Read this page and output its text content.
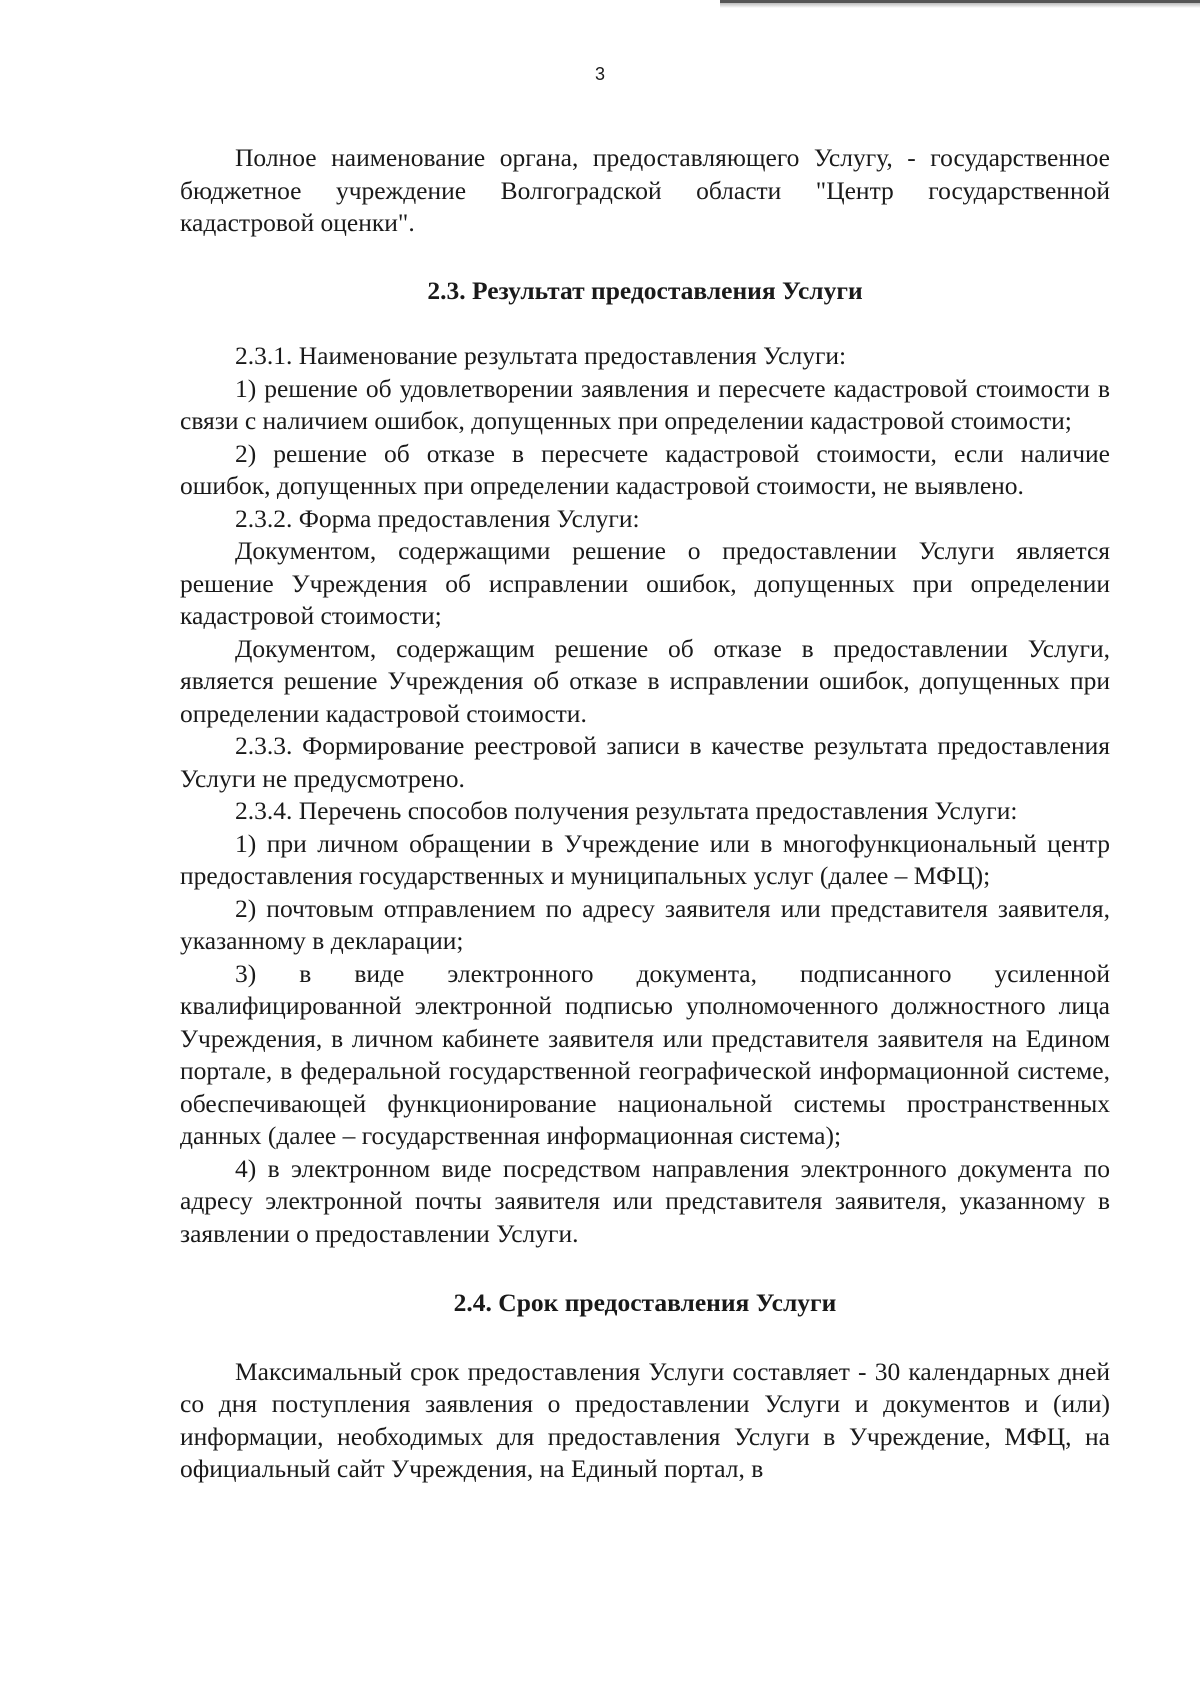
3

Полное наименование органа, предоставляющего Услугу, - государственное бюджетное учреждение Волгоградской области "Центр государственной кадастровой оценки".

2.3. Результат предоставления Услуги

2.3.1. Наименование результата предоставления Услуги:

1) решение об удовлетворении заявления и пересчете кадастровой стоимости в связи с наличием ошибок, допущенных при определении кадастровой стоимости;

2) решение об отказе в пересчете кадастровой стоимости, если наличие ошибок, допущенных при определении кадастровой стоимости, не выявлено.

2.3.2. Форма предоставления Услуги:

Документом, содержащими решение о предоставлении Услуги является решение Учреждения об исправлении ошибок, допущенных при определении кадастровой стоимости;

Документом, содержащим решение об отказе в предоставлении Услуги, является решение Учреждения об отказе в исправлении ошибок, допущенных при определении кадастровой стоимости.

2.3.3. Формирование реестровой записи в качестве результата предоставления Услуги не предусмотрено.

2.3.4. Перечень способов получения результата предоставления Услуги:

1) при личном обращении в Учреждение или в многофункциональный центр предоставления государственных и муниципальных услуг (далее – МФЦ);

2) почтовым отправлением по адресу заявителя или представителя заявителя, указанному в декларации;

3) в виде электронного документа, подписанного усиленной квалифицированной электронной подписью уполномоченного должностного лица Учреждения, в личном кабинете заявителя или представителя заявителя на Едином портале, в федеральной государственной географической информационной системе, обеспечивающей функционирование национальной системы пространственных данных (далее – государственная информационная система);

4) в электронном виде посредством направления электронного документа по адресу электронной почты заявителя или представителя заявителя, указанному в заявлении о предоставлении Услуги.

2.4. Срок предоставления Услуги

Максимальный срок предоставления Услуги составляет - 30 календарных дней со дня поступления заявления о предоставлении Услуги и документов и (или) информации, необходимых для предоставления Услуги в Учреждение, МФЦ, на официальный сайт Учреждения, на Единый портал, в
